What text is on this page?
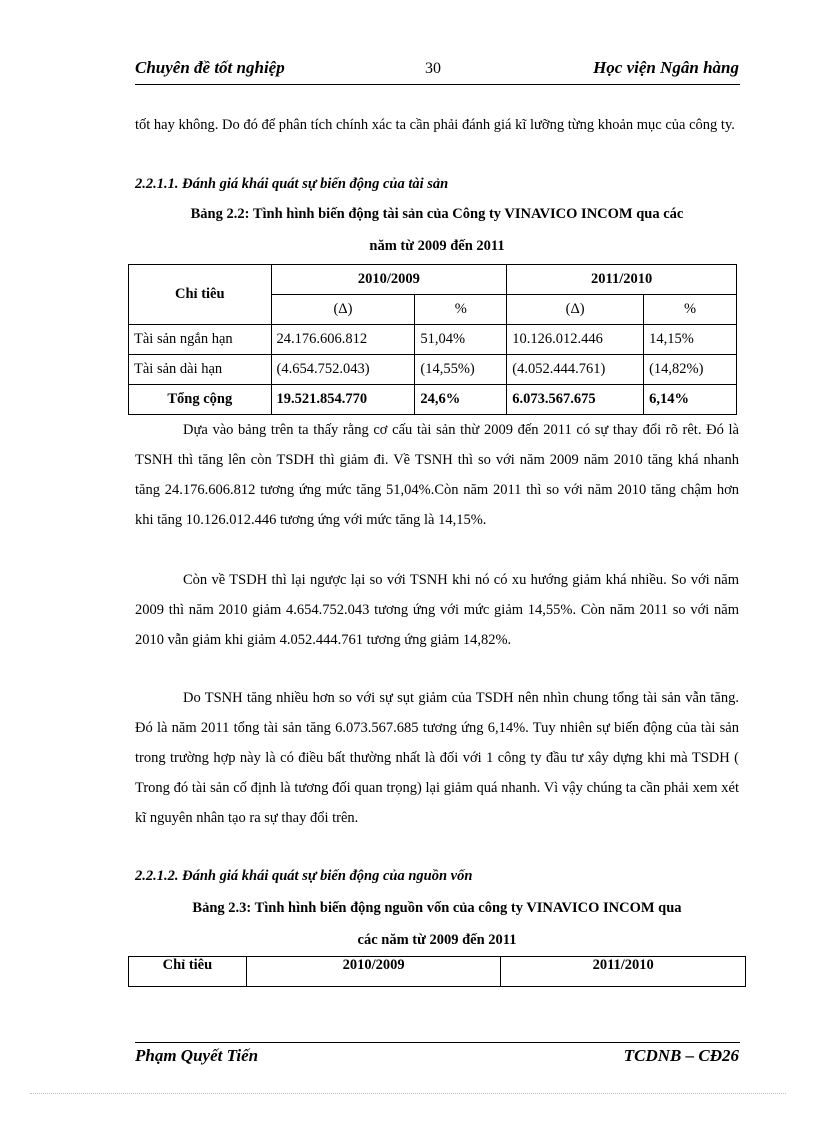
Chuyên đề tốt nghiệp	30	Học viện Ngân hàng
tốt hay không. Do đó để phân tích chính xác ta cần phải đánh giá kĩ lưỡng từng khoản mục của công ty.
2.2.1.1. Đánh giá khái quát sự biến động của tài sản
Bảng 2.2: Tình hình biến động tài sản của Công ty VINAVICO INCOM qua các
năm từ 2009 đến 2011
Chỉ tiêu	2010/2009		2011/2010	
	(Δ)	%	(Δ)	%
Tài sản ngắn hạn	24.176.606.812	51,04%	10.126.012.446	14,15%
Tài sản dài hạn	(4.654.752.043)	(14,55%)	(4.052.444.761)	(14,82%)
Tổng cộng	19.521.854.770	24,6%	6.073.567.675	6,14%
Dựa vào bảng trên ta thấy rằng cơ cấu tài sản thừ 2009 đến 2011 có sự thay đổi rõ rêt. Đó là TSNH thì tăng lên còn TSDH thì giảm đi. Về TSNH thì so với năm 2009 năm 2010 tăng khá nhanh tăng 24.176.606.812 tương ứng mức tăng 51,04%.Còn năm 2011 thì so với năm 2010 tăng chậm hơn khi tăng 10.126.012.446 tương ứng với mức tăng là 14,15%.
Còn về TSDH thì lại ngược lại so với TSNH khi nó có xu hướng giảm khá nhiều. So với năm 2009 thì năm 2010 giảm 4.654.752.043 tương ứng với mức giảm 14,55%. Còn năm 2011 so với năm 2010 vẫn giảm khi giảm 4.052.444.761 tương ứng giảm 14,82%.
Do TSNH tăng nhiều hơn so với sự sụt giảm của TSDH nên nhìn chung tổng tài sản vẫn tăng. Đó là năm 2011 tổng tài sản tăng 6.073.567.685 tương ứng 6,14%. Tuy nhiên sự biến động của tài sản trong trường hợp này là có điều bất thường nhất là đối với 1 công ty đầu tư xây dựng khi mà TSDH ( Trong đó tài sản cố định là tương đối quan trọng) lại giảm quá nhanh. Vì vậy chúng ta cần phải xem xét kĩ nguyên nhân tạo ra sự thay đổi trên.
2.2.1.2. Đánh giá khái quát sự biến động của nguồn vốn
Bảng 2.3: Tình hình biến động nguồn vốn của công ty VINAVICO INCOM qua
các năm từ 2009 đến 2011
Chỉ tiêu	2010/2009	2011/2010
Phạm Quyết Tiến	TCDNB – CĐ26
